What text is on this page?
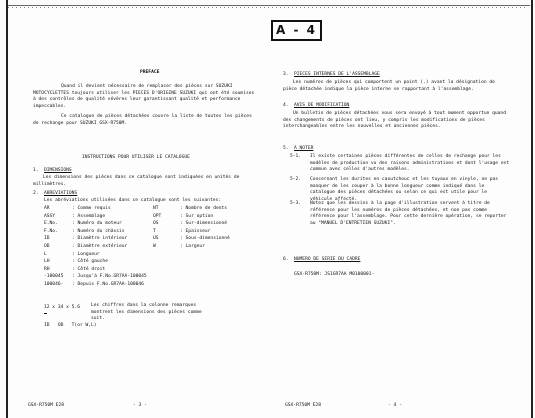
A - 4
PREFACE
Quand il devient nécessaire de remplacer des pièces sur SUZUKI MOTOCYCLETTES toujours utiliser les PIECES D'ORIGINE SUZUKI qui ont été soumises à des contrôles de qualité sévères leur garantissant qualité et performance impeccables.
Ce catalogue de pièces détachées couvre la liste de toutes les pièces de rechange pour SUZUKI GSX-R750M.
INSTRUCTIONS POUR UTILISER LE CATALOGUE
1. DIMENSIONS
Les dimensions des pièces dans ce catalogue sont indiquées en unités de millimètres.
2. ABREVIATIONS
Les abréviations utilisées dans ce catalogue sont les suivantes:
AR	: Comme requis
ASSY	: Assemblage
E.No.	: Numéro du moteur
F.No.	: Numéro du châssis
ID	: Diamètre intérieur
OD	: Diamètre extérieur
L	: Longueur
LH	: Côté gauche
RH	: Côté droit
-100045 : Jusqu'à F.No.GR7AA-100045
100046- : Depuis F.No.GR7AA-100046
NT	: Nombre de dents
OPT	: Sur option
OS	: Sur-dimensionné
T	: Epaisseur
US	: Sous-dimensionné
W	: Largeur
12 x 34 x 5.6 Les chiffres dans la colonne remarques montrent les dimensions des pièces comme suit.
ID   OD   T(or W,L)
GSX-R750M E28	- 3 -
3. PIECES INTERNES DE L'ASSEMBLAGE
Les numéros de pièces qui comportent un point (.) avant la désignation de pièce détachée indique la pièce interne se rapportant à l'assemblage.
4. AVIS DE MODIFICATION
Un bulletin de pièces détachées vous sera envoyé à tout moment opportun quand des changements de pièces ont lieu, y compris les modifications de pièces interchangeables entre les nouvelles et anciennes pièces.
5. A NOTER
5-1. Il existe certaines pièces différentes de celles de rechange pour les modèles de production vu des raisons administratives et dont l'usage est commun avec celles d'autres modèles.
5-2. Concernant les durites en caoutchouc et les tuyaux en vinyle, ne pas manquer de les couper à la bonne longueur comme indiqué dans le catalogue des pièces détachées ou selon ce qui est utile pour le véhicule affecté.
5-3. Notez que les dessins à la page d'illustration servent à titre de référence pour les numéros de pièces détachées, et non pas comme référence pour l'assemblage. Pour cette dernière opération, se reporter au "MANUEL D'ENTRETIEN SUZUKI".
6. NUMERO DE SERIE DU CADRE
GSX-R750M: JS1GR7AA M0100001-
GSX-R750M E28	- 4 -
